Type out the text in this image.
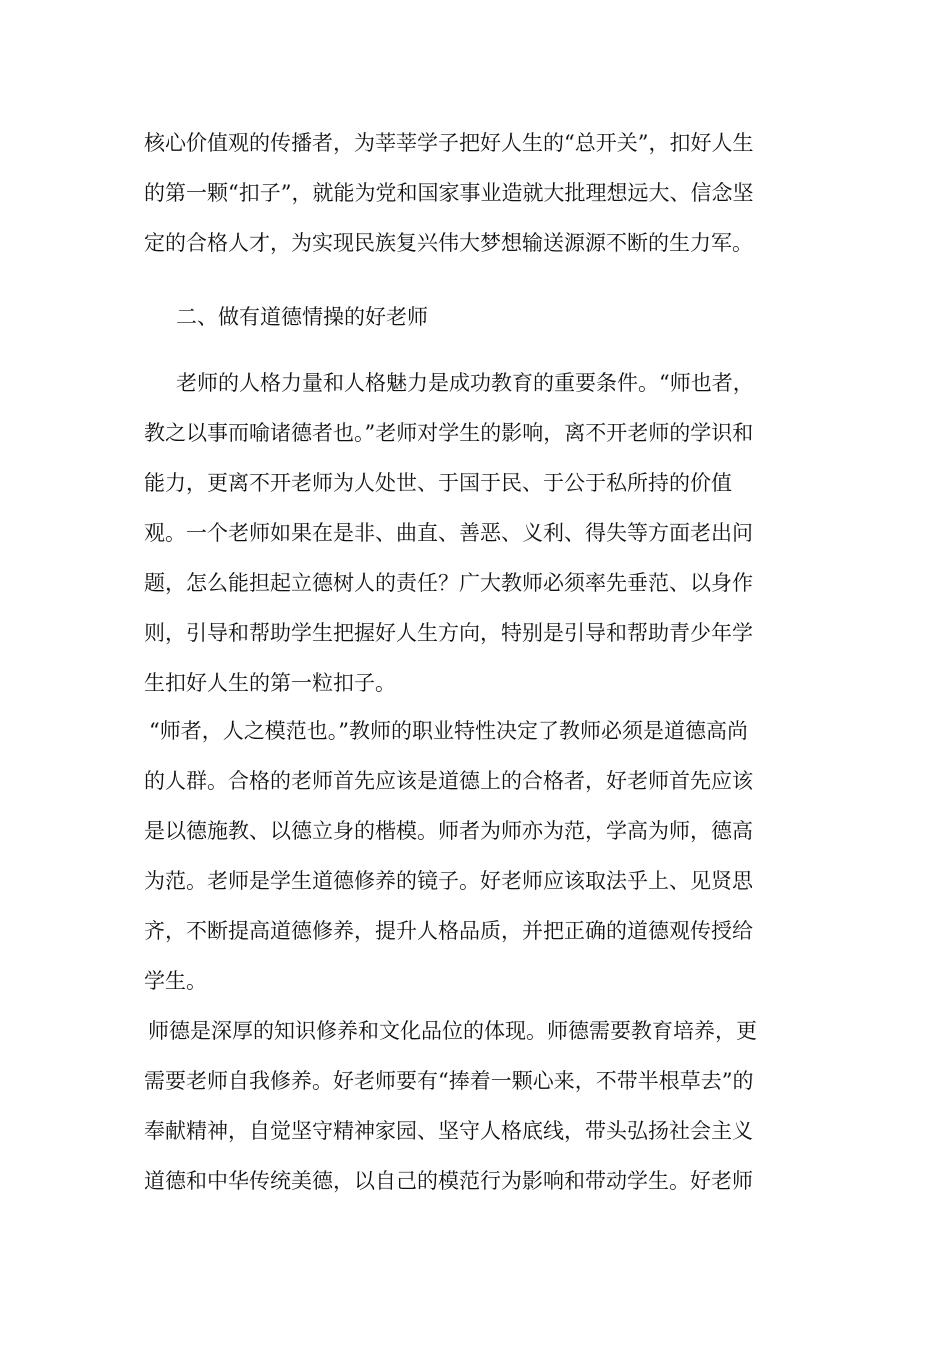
核心价值观的传播者，为莘莘学子把好人生的“总开关”，扣好人生

的第一颗“扣子”，就能为党和国家事业造就大批理想远大、信念坚

定的合格人才，为实现民族复兴伟大梦想输送源源不断的生力军。

二、做有道德情操的好老师

老师的人格力量和人格魅力是成功教育的重要条件。“师也者，

教之以事而喻诸德者也。”老师对学生的影响，离不开老师的学识和

能力，更离不开老师为人处世、于国于民、于公于私所持的价值

观。一个老师如果在是非、曲直、善恶、义利、得失等方面老出问

题，怎么能担起立德树人的责任？广大教师必须率先垂范、以身作

则，引导和帮助学生把握好人生方向，特别是引导和帮助青少年学

生扣好人生的第一粒扣子。

“师者，人之模范也。”教师的职业特性决定了教师必须是道德高尚

的人群。合格的老师首先应该是道德上的合格者，好老师首先应该

是以德施教、以德立身的楷模。师者为师亦为范，学高为师，德高

为范。老师是学生道德修养的镜子。好老师应该取法乎上、见贤思

齐，不断提高道德修养，提升人格品质，并把正确的道德观传授给

学生。

师德是深厚的知识修养和文化品位的体现。师德需要教育培养，更

需要老师自我修养。好老师要有“捧着一颗心来，不带半根草去”的

奉献精神，自觉坚守精神家园、坚守人格底线，带头弘扬社会主义

道德和中华传统美德，以自己的模范行为影响和带动学生。好老师
